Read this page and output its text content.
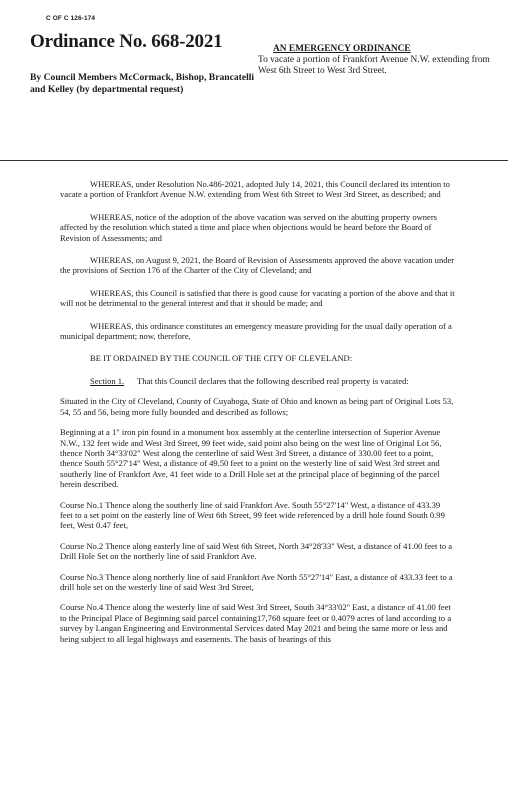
C OF C 126-174
Ordinance No. 668-2021
By Council Members McCormack, Bishop, Brancatelli and Kelley (by departmental request)
AN EMERGENCY ORDINANCE
To vacate a portion of Frankfort Avenue N.W. extending from West 6th Street to West 3rd Street.

WHEREAS, under Resolution No.486-2021, adopted July 14, 2021, this Council declared its intention to vacate a portion of Frankfort Avenue N.W. extending from West 6th Street to West 3rd Street, as described; and

WHEREAS, notice of the adoption of the above vacation was served on the abutting property owners affected by the resolution which stated a time and place when objections would be heard before the Board of Revision of Assessments; and

WHEREAS, on August 9, 2021, the Board of Revision of Assessments approved the above vacation under the provisions of Section 176 of the Charter of the City of Cleveland; and

WHEREAS, this Council is satisfied that there is good cause for vacating a portion of the above and that it will not be detrimental to the general interest and that it should be made; and

WHEREAS, this ordinance constitutes an emergency measure providing for the usual daily operation of a municipal department; now, therefore,

BE IT ORDAINED BY THE COUNCIL OF THE CITY OF CLEVELAND:

Section 1. That this Council declares that the following described real property is vacated:

Situated in the City of Cleveland, County of Cuyahoga, State of Ohio and known as being part of Original Lots 53, 54, 55 and 56, being more fully bounded and described as follows;

Beginning at a 1" iron pin found in a monument box assembly at the centerline intersection of Superior Avenue N.W., 132 feet wide and West 3rd Street, 99 feet wide, said point also being on the west line of Original Lot 56, thence North 34°33'02" West along the centerline of said West 3rd Street, a distance of 330.00 feet to a point, thence South 55°27'14" West, a distance of 49.50 feet to a point on the westerly line of said West 3rd street and southerly line of Frankfort Ave, 41 feet wide to a Drill Hole set at the principal place of beginning of the parcel herein described.

Course No.1 Thence along the southerly line of said Frankfort Ave. South 55°27'14" West, a distance of 433.39 feet to a set point on the easterly line of West 6th Street, 99 feet wide referenced by a drill hole found South 0.99 feet, West 0.47 feet,

Course No.2 Thence along easterly line of said West 6th Street, North 34°28'33" West, a distance of 41.00 feet to a Drill Hole Set on the northerly line of said Frankfort Ave.

Course No.3 Thence along northerly line of said Frankfort Ave North 55°27'14" East, a distance of 433.33 feet to a drill hole set on the westerly line of said West 3rd Street,

Course No.4 Thence along the westerly line of said West 3rd Street, South 34°33'02" East, a distance of 41.00 feet to the Principal Place of Beginning said parcel containing17,768 square feet or 0.4079 acres of land according to a survey by Langan Engineering and Environmental Services dated May 2021 and being the same more or less and being subject to all legal highways and easements. The basis of bearings of this
